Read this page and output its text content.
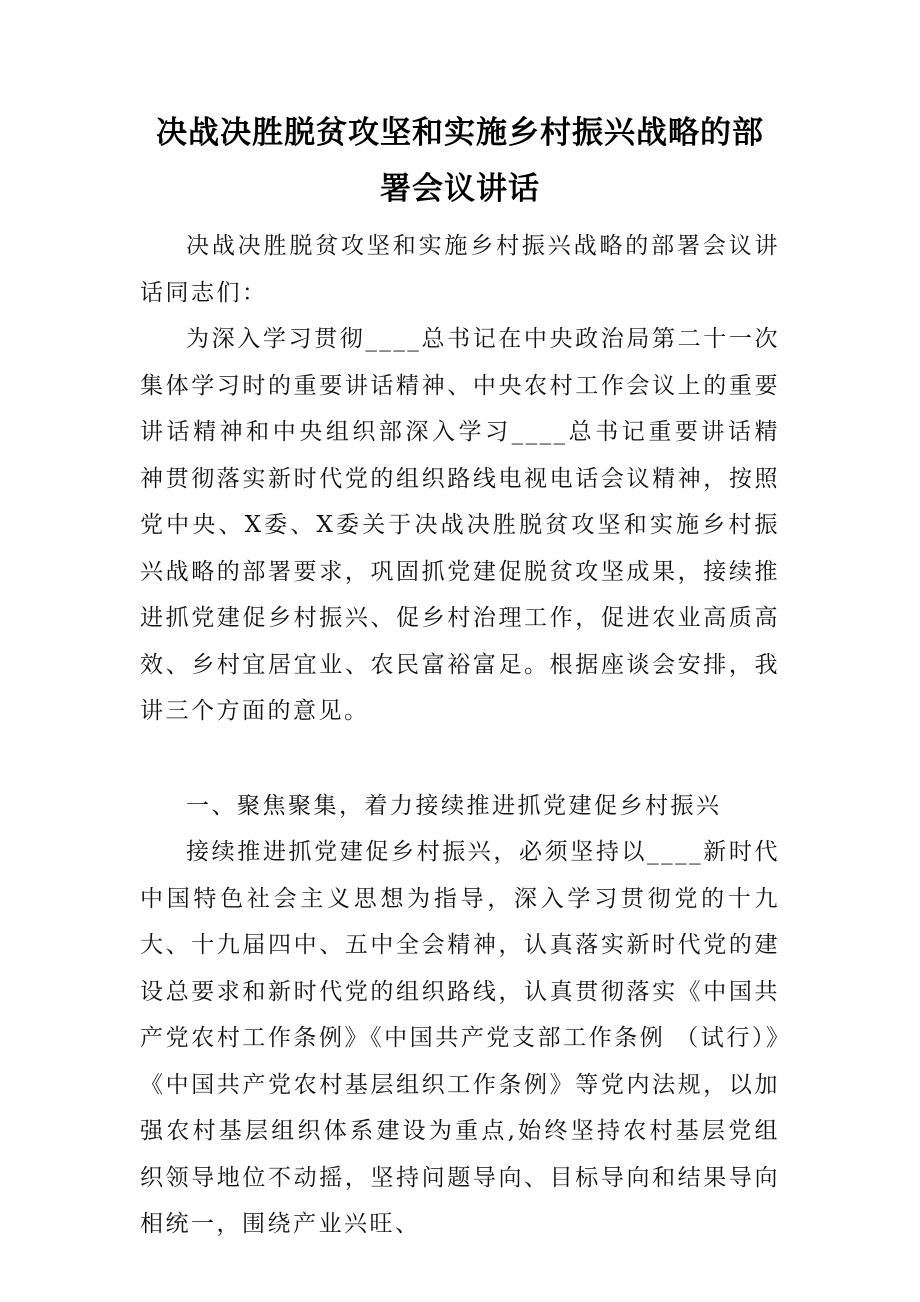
决战决胜脱贫攻坚和实施乡村振兴战略的部
署会议讲话

决战决胜脱贫攻坚和实施乡村振兴战略的部署会议讲话同志们：

为深入学习贯彻____总书记在中央政治局第二十一次集体学习时的重要讲话精神、中央农村工作会议上的重要讲话精神和中央组织部深入学习____总书记重要讲话精神贯彻落实新时代党的组织路线电视电话会议精神，按照党中央、X委、X委关于决战决胜脱贫攻坚和实施乡村振兴战略的部署要求，巩固抓党建促脱贫攻坚成果，接续推进抓党建促乡村振兴、促乡村治理工作，促进农业高质高效、乡村宜居宜业、农民富裕富足。根据座谈会安排，我讲三个方面的意见。

一、聚焦聚集，着力接续推进抓党建促乡村振兴

接续推进抓党建促乡村振兴，必须坚持以____新时代中国特色社会主义思想为指导，深入学习贯彻党的十九大、十九届四中、五中全会精神，认真落实新时代党的建设总要求和新时代党的组织路线，认真贯彻落实《中国共产党农村工作条例》《中国共产党支部工作条例 （试行）》《中国共产党农村基层组织工作条例》等党内法规，以加强农村基层组织体系建设为重点,始终坚持农村基层党组织领导地位不动摇，坚持问题导向、目标导向和结果导向相统一，围绕产业兴旺、
